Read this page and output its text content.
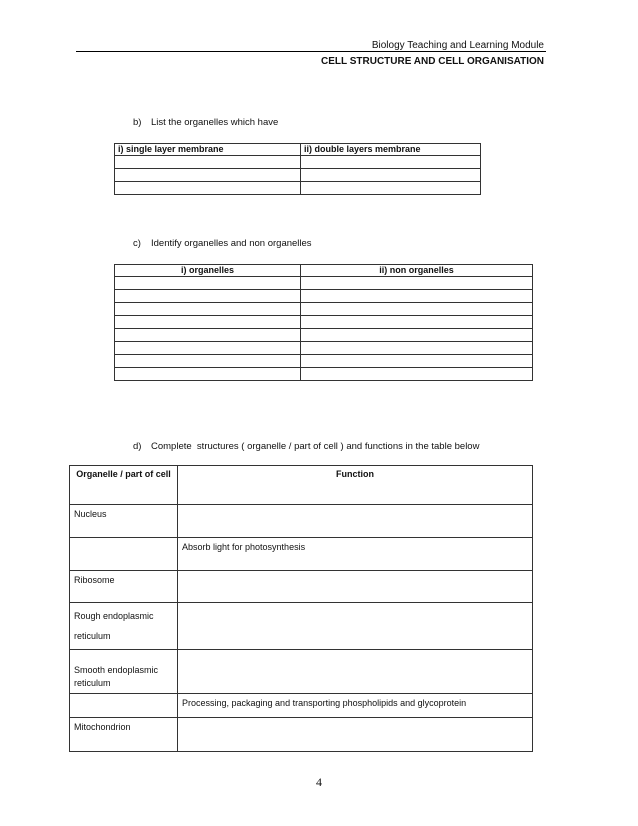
Biology Teaching and Learning Module
CELL STRUCTURE AND CELL ORGANISATION
b) List the organelles which have
i) single layer membrane	ii) double layers membrane

c) Identify organelles and non organelles
i) organelles	ii) non organelles

d) Complete  structures ( organelle / part of cell ) and functions in the table below
Organelle / part of cell	Function
Nucleus	
	Absorb light for photosynthesis
Ribosome	
Rough endoplasmic reticulum	
Smooth endoplasmic reticulum	
	Processing, packaging and transporting phospholipids and glycoprotein
Mitochondrion	
4
